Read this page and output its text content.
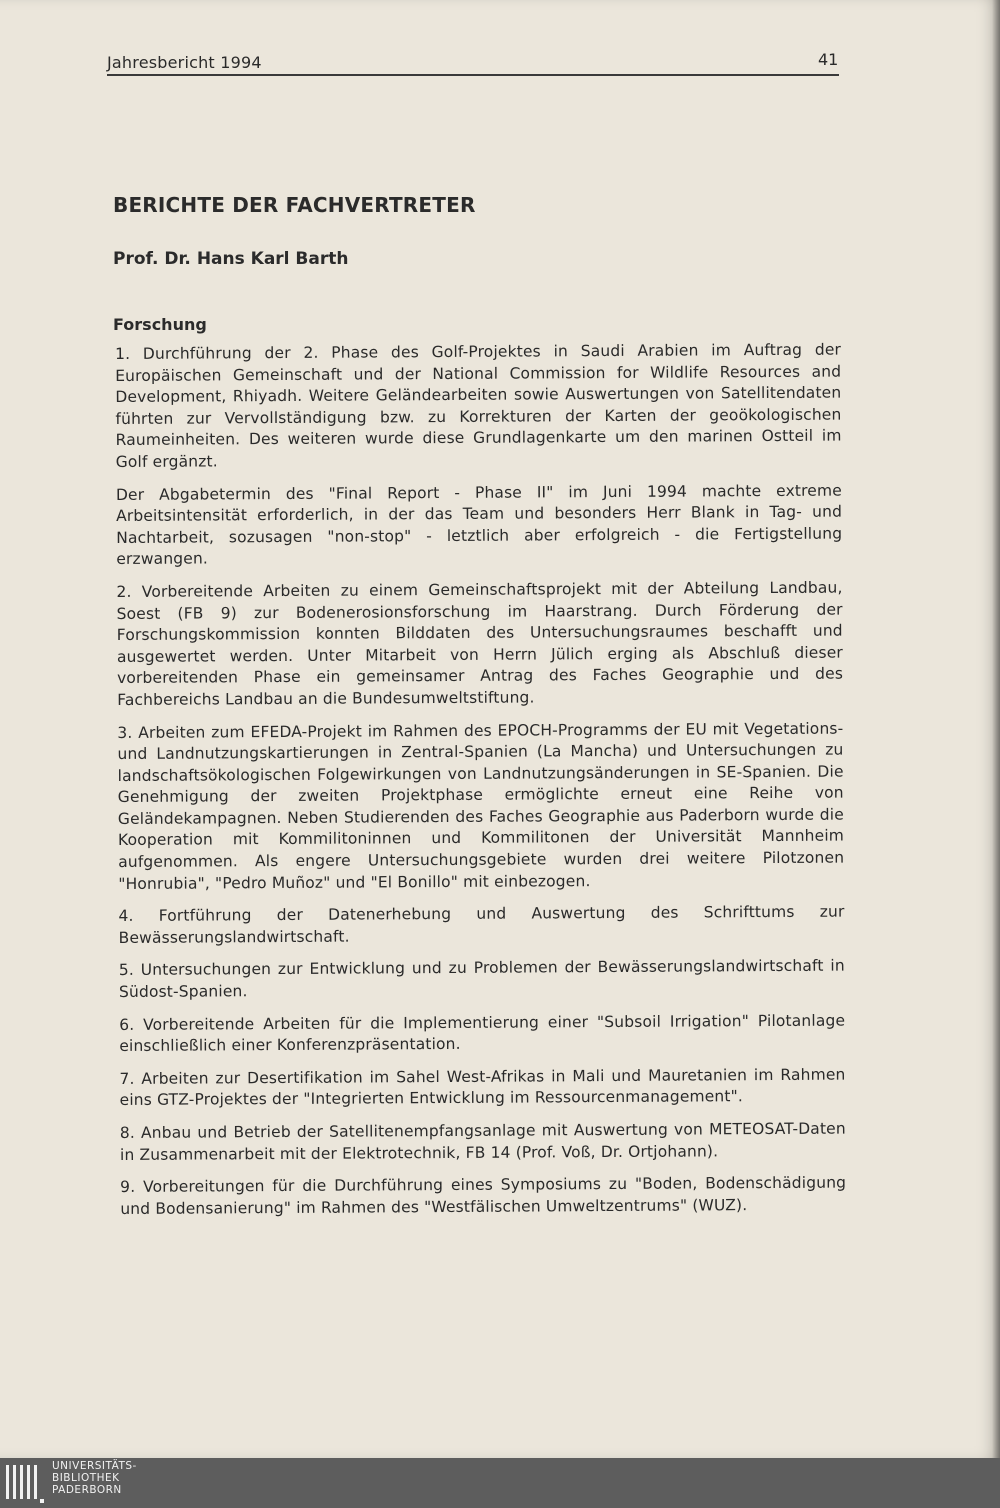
Jahresbericht 1994	41
BERICHTE DER FACHVERTRETER
Prof. Dr. Hans Karl Barth
Forschung

1. Durchführung der 2. Phase des Golf-Projektes in Saudi Arabien im Auftrag der Europäischen Gemeinschaft und der National Commission for Wildlife Resources and Development, Rhiyadh. Weitere Geländearbeiten sowie Auswertungen von Satellitendaten führten zur Vervollständigung bzw. zu Korrekturen der Karten der geoökologischen Raumeinheiten. Des weiteren wurde diese Grundlagenkarte um den marinen Ostteil im Golf ergänzt.

Der Abgabetermin des "Final Report - Phase II" im Juni 1994 machte extreme Arbeitsintensität erforderlich, in der das Team und besonders Herr Blank in Tag- und Nachtarbeit, sozusagen "non-stop" - letztlich aber erfolgreich - die Fertigstellung erzwangen.

2. Vorbereitende Arbeiten zu einem Gemeinschaftsprojekt mit der Abteilung Landbau, Soest (FB 9) zur Bodenerosionsforschung im Haarstrang. Durch Förderung der Forschungskommission konnten Bilddaten des Untersuchungsraumes beschafft und ausgewertet werden. Unter Mitarbeit von Herrn Jülich erging als Abschluß dieser vorbereitenden Phase ein gemeinsamer Antrag des Faches Geographie und des Fachbereichs Landbau an die Bundesumweltstiftung.

3. Arbeiten zum EFEDA-Projekt im Rahmen des EPOCH-Programms der EU mit Vegetations- und Landnutzungskartierungen in Zentral-Spanien (La Mancha) und Untersuchungen zu landschaftsökologischen Folgewirkungen von Landnutzungsänderungen in SE-Spanien. Die Genehmigung der zweiten Projektphase ermöglichte erneut eine Reihe von Geländekampagnen. Neben Studierenden des Faches Geographie aus Paderborn wurde die Kooperation mit Kommilitoninnen und Kommilitonen der Universität Mannheim aufgenommen. Als engere Untersuchungsgebiete wurden drei weitere Pilotzonen "Honrubia", "Pedro Muñoz" und "El Bonillo" mit einbezogen.

4. Fortführung der Datenerhebung und Auswertung des Schrifttums zur Bewässerungslandwirtschaft.

5. Untersuchungen zur Entwicklung und zu Problemen der Bewässerungslandwirtschaft in Südost-Spanien.

6. Vorbereitende Arbeiten für die Implementierung einer "Subsoil Irrigation" Pilotanlage einschließlich einer Konferenzpräsentation.

7. Arbeiten zur Desertifikation im Sahel West-Afrikas in Mali und Mauretanien im Rahmen eins GTZ-Projektes der "Integrierten Entwicklung im Ressourcenmanagement".

8. Anbau und Betrieb der Satellitenempfangsanlage mit Auswertung von METEOSAT-Daten in Zusammenarbeit mit der Elektrotechnik, FB 14 (Prof. Voß, Dr. Ortjohann).

9. Vorbereitungen für die Durchführung eines Symposiums zu "Boden, Bodenschädigung und Bodensanierung" im Rahmen des "Westfälischen Umweltzentrums" (WUZ).

UNIVERSITÄTS-
BIBLIOTHEK
PADERBORN
